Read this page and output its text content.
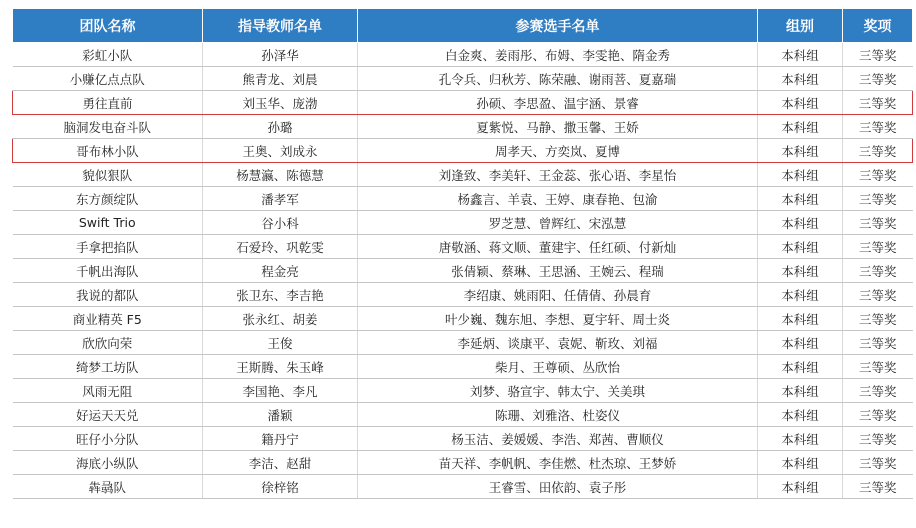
团队名称	指导教师名单	参赛选手名单	组别	奖项
彩虹小队	孙泽华	白金爽、姜雨彤、布姆、李雯艳、隋金秀	本科组	三等奖
小赚亿点点队	熊青龙、刘晨	孔令兵、归秋芳、陈荣融、谢雨菩、夏嘉瑞	本科组	三等奖
勇往直前	刘玉华、庞渤	孙硕、李思盈、温宇涵、景睿	本科组	三等奖
脑洞发电奋斗队	孙璐	夏紫悦、马静、撒玉馨、王娇	本科组	三等奖
哥布林小队	王奥、刘成永	周孝天、方奕岚、夏博	本科组	三等奖
貌似狠队	杨慧瀛、陈德慧	刘逢致、李美轩、王金蕊、张心语、李星怡	本科组	三等奖
东方颜绽队	潘孝军	杨鑫言、羊袁、王婷、康春艳、包渝	本科组	三等奖
Swift Trio	谷小科	罗芝慧、曾辉红、宋泓慧	本科组	三等奖
手拿把掐队	石爱玲、巩乾雯	唐敬涵、蒋文顺、董建宇、任红硕、付新灿	本科组	三等奖
千帆出海队	程金亮	张倩颖、蔡琳、王思涵、王婉云、程瑞	本科组	三等奖
我说的都队	张卫东、李吉艳	李绍康、姚雨阳、任倩倩、孙晨育	本科组	三等奖
商业精英 F5	张永红、胡姜	叶少巍、魏东旭、李想、夏宇轩、周士炎	本科组	三等奖
欣欣向荣	王俊	李延炳、谈康平、袁妮、靳玫、刘福	本科组	三等奖
绮梦工坊队	王斯腾、朱玉峰	柴月、王尊硕、丛欣怡	本科组	三等奖
风雨无阻	李国艳、李凡	刘梦、骆宣宇、韩太宁、关美琪	本科组	三等奖
好运天天兑	潘颖	陈珊、刘雅洛、杜姿仪	本科组	三等奖
旺仔小分队	籍丹宁	杨玉洁、姜媛媛、李浩、郑茜、曹顺仪	本科组	三等奖
海底小纵队	李洁、赵甜	苗天祥、李帆帆、李佳燃、杜杰琼、王梦娇	本科组	三等奖
犇骉队	徐梓铭	王睿雪、田依韵、袁子彤	本科组	三等奖
